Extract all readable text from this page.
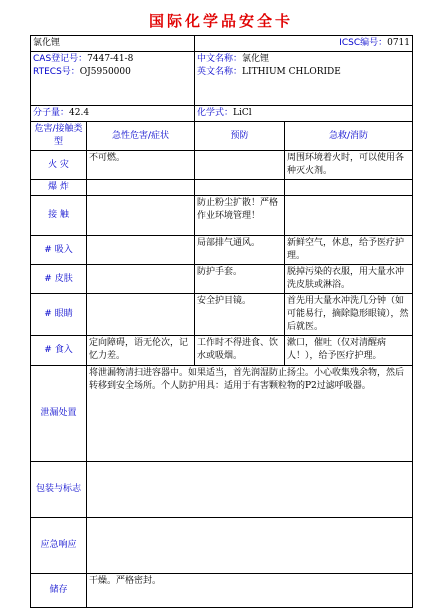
国际化学品安全卡
氯化锂		ICSC编号：0711	

CAS登记号：7447-41-8
RTECS号：OJ5950000		中文名称：氯化锂
英文名称：LITHIUM CHLORIDE	

分子量：42.4		化学式：LiCl	
危害/接触类型	急性危害/症状	预防	急救/消防
火 灾	不可燃。		周围环境着火时，可以使用各种灭火剂。
爆 炸			
接 触		防止粉尘扩散！严格作业环境管理！	
# 吸入		局部排气通风。	新鲜空气，休息，给予医疗护理。
# 皮肤		防护手套。	脱掉污染的衣服，用大量水冲洗皮肤或淋浴。
# 眼睛		安全护目镜。	首先用大量水冲洗几分钟（如可能易行，摘除隐形眼镜），然后就医。
# 食入	定向障碍，语无伦次，记忆力差。	工作时不得进食、饮水或吸烟。	漱口，催吐（仅对清醒病人！），给予医疗护理。
泄漏处置	将泄漏物清扫进容器中。如果适当，首先润湿防止扬尘。小心收集残余物，然后转移到安全场所。个人防护用具：适用于有害颗粒物的P2过滤呼吸器。		
包装与标志			
应急响应			
储存	干燥。严格密封。		
